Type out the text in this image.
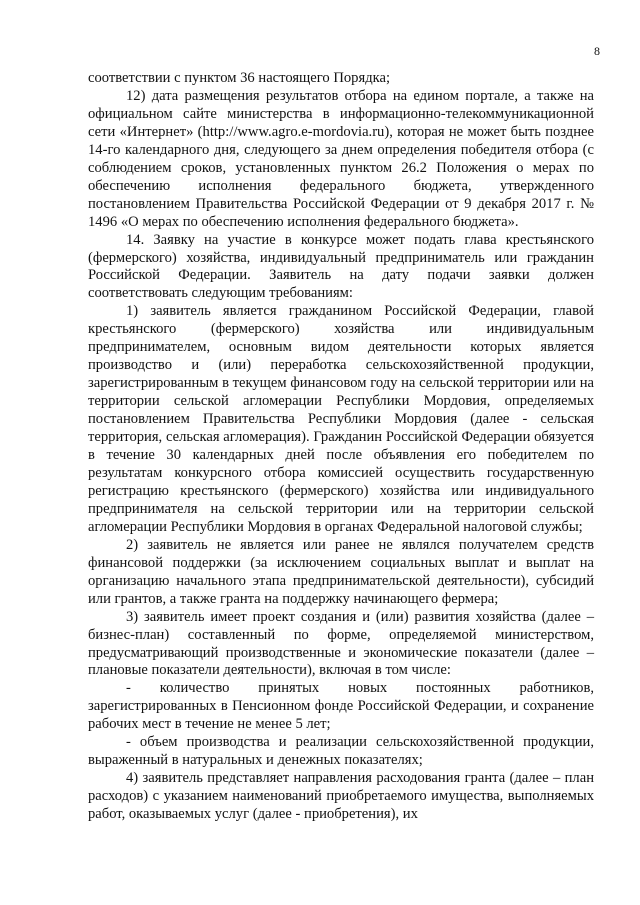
8

соответствии с пунктом 36 настоящего Порядка;

12) дата размещения результатов отбора на едином портале, а также на официальном сайте министерства в информационно-телекоммуникационной сети «Интернет» (http://www.agro.e-mordovia.ru), которая не может быть позднее 14-го календарного дня, следующего за днем определения победителя отбора (с соблюдением сроков, установленных пунктом 26.2 Положения о мерах по обеспечению исполнения федерального бюджета, утвержденного постановлением Правительства Российской Федерации от 9 декабря 2017 г. № 1496 «О мерах по обеспечению исполнения федерального бюджета».

14. Заявку на участие в конкурсе может подать глава крестьянского (фермерского) хозяйства, индивидуальный предприниматель или гражданин Российской Федерации. Заявитель на дату подачи заявки должен соответствовать следующим требованиям:

1) заявитель является гражданином Российской Федерации, главой крестьянского (фермерского) хозяйства или индивидуальным предпринимателем, основным видом деятельности которых является производство и (или) переработка сельскохозяйственной продукции, зарегистрированным в текущем финансовом году на сельской территории или на территории сельской агломерации Республики Мордовия, определяемых постановлением Правительства Республики Мордовия (далее - сельская территория, сельская агломерация). Гражданин Российской Федерации обязуется в течение 30 календарных дней после объявления его победителем по результатам конкурсного отбора комиссией осуществить государственную регистрацию крестьянского (фермерского) хозяйства или индивидуального предпринимателя на сельской территории или на территории сельской агломерации Республики Мордовия в органах Федеральной налоговой службы;

2) заявитель не является или ранее не являлся получателем средств финансовой поддержки (за исключением социальных выплат и выплат на организацию начального этапа предпринимательской деятельности), субсидий или грантов, а также гранта на поддержку начинающего фермера;

3) заявитель имеет проект создания и (или) развития хозяйства (далее – бизнес-план) составленный по форме, определяемой министерством, предусматривающий производственные и экономические показатели (далее – плановые показатели деятельности), включая в том числе:

- количество принятых новых постоянных работников, зарегистрированных в Пенсионном фонде Российской Федерации, и сохранение рабочих мест в течение не менее 5 лет;

- объем производства и реализации сельскохозяйственной продукции, выраженный в натуральных и денежных показателях;

4) заявитель представляет направления расходования гранта (далее – план расходов) с указанием наименований приобретаемого имущества, выполняемых работ, оказываемых услуг (далее - приобретения), их
